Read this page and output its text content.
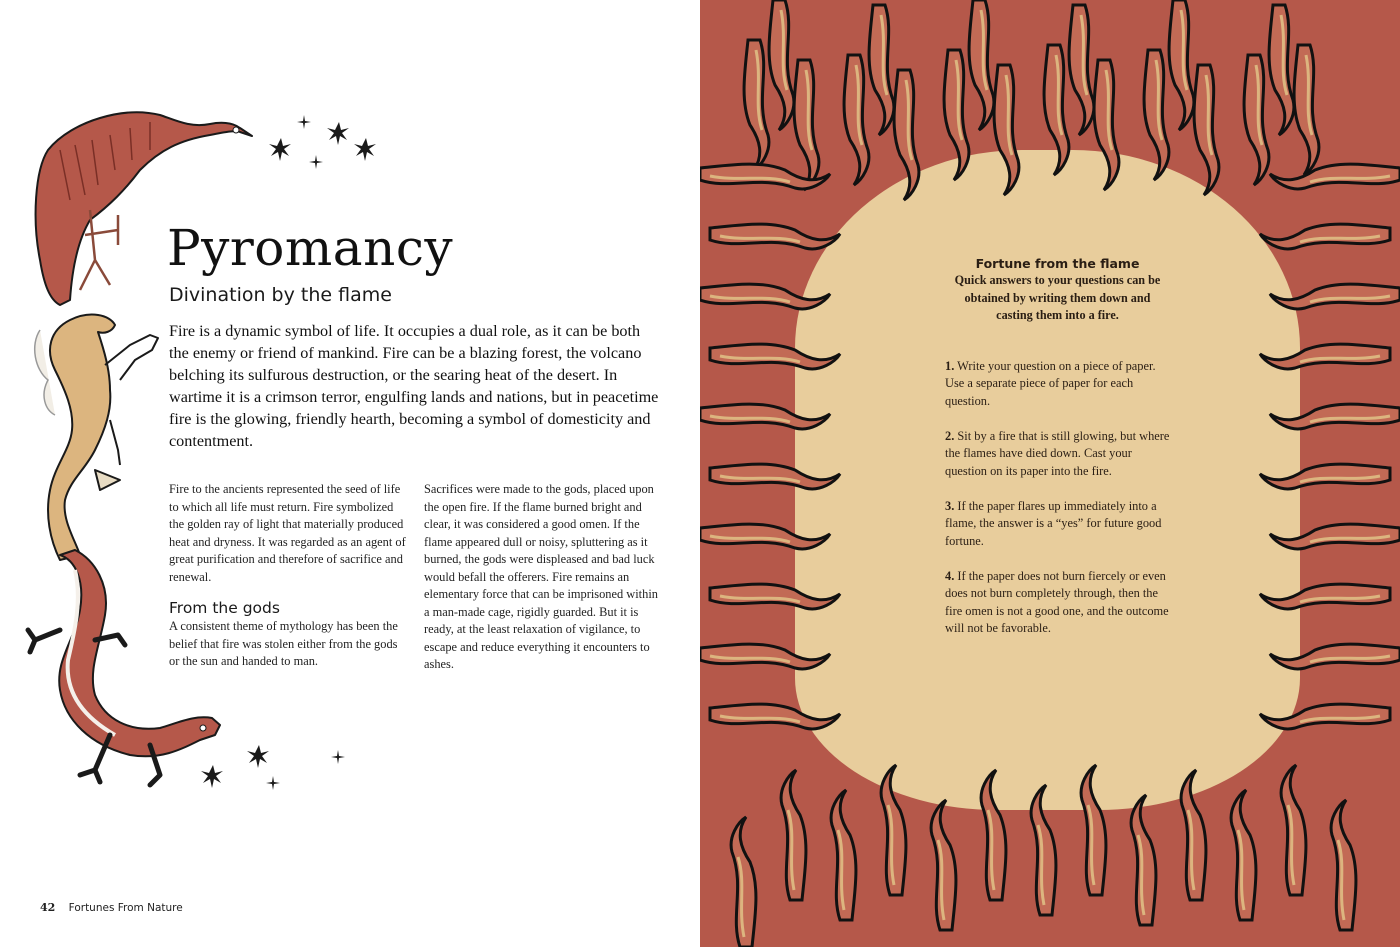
Pyromancy
Divination by the flame

Fire is a dynamic symbol of life. It occupies a dual role, as it can be both the enemy or friend of mankind. Fire can be a blazing forest, the volcano belching its sulfurous destruction, or the searing heat of the desert. In wartime it is a crimson terror, engulfing lands and nations, but in peacetime fire is the glowing, friendly hearth, becoming a symbol of domesticity and contentment.

Fire to the ancients represented the seed of life to which all life must return. Fire symbolized the golden ray of light that materially produced heat and dryness. It was regarded as an agent of great purification and therefore of sacrifice and renewal.

From the gods

A consistent theme of mythology has been the belief that fire was stolen either from the gods or the sun and handed to man.

Sacrifices were made to the gods, placed upon the open fire. If the flame burned bright and clear, it was considered a good omen. If the flame appeared dull or noisy, spluttering as it burned, the gods were displeased and bad luck would befall the offerers. Fire remains an elementary force that can be imprisoned within a man-made cage, rigidly guarded. But it is ready, at the least relaxation of vigilance, to escape and reduce everything it encounters to ashes.

42 Fortunes From Nature

Fortune from the flame

Quick answers to your questions can be obtained by writing them down and casting them into a fire.

1. Write your question on a piece of paper. Use a separate piece of paper for each question.

2. Sit by a fire that is still glowing, but where the flames have died down. Cast your question on its paper into the fire.

3. If the paper flares up immediately into a flame, the answer is a “yes” for future good fortune.

4. If the paper does not burn fiercely or even does not burn completely through, then the fire omen is not a good one, and the outcome will not be favorable.
